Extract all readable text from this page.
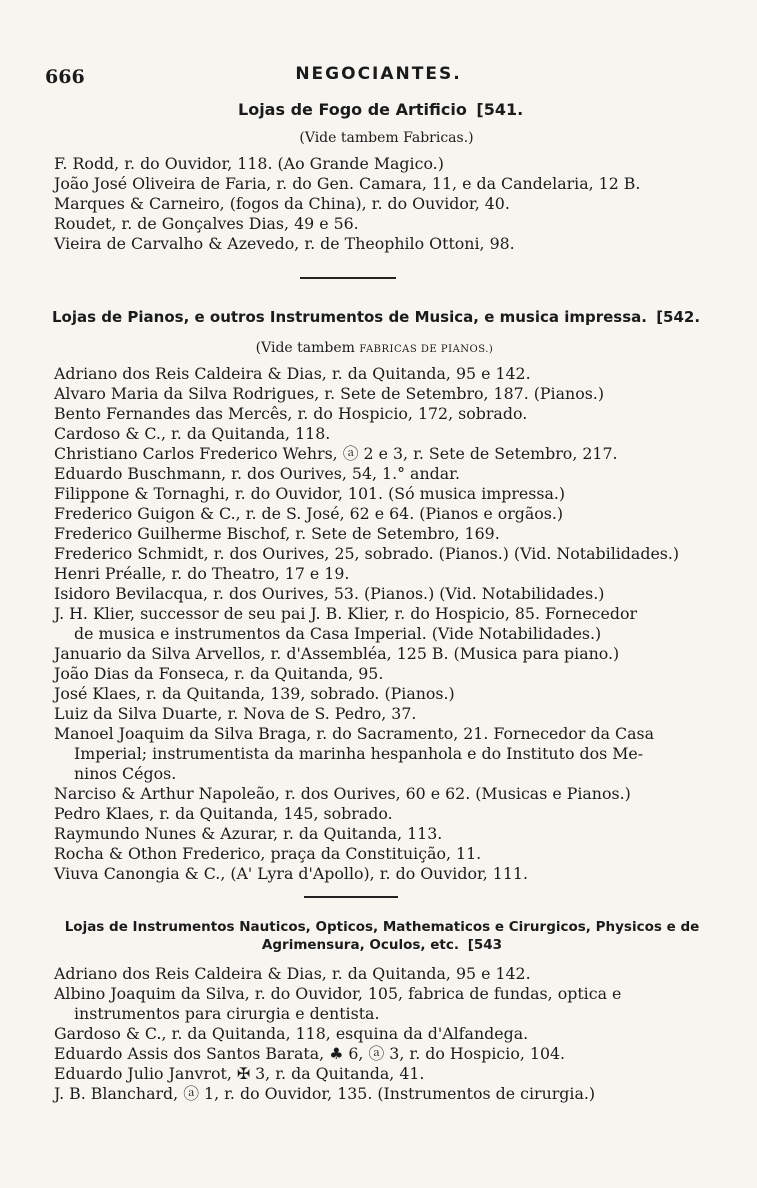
666	NEGOCIANTES.
Lojas de Fogo de Artificio [541.
(Vide tambem Fabricas.)
F. Rodd, r. do Ouvidor, 118. (Ao Grande Magico.)
João José Oliveira de Faria, r. do Gen. Camara, 11, e da Candelaria, 12 B.
Marques & Carneiro, (fogos da China), r. do Ouvidor, 40.
Roudet, r. de Gonçalves Dias, 49 e 56.
Vieira de Carvalho & Azevedo, r. de Theophilo Ottoni, 98.
Lojas de Pianos, e outros Instrumentos de Musica, e musica impressa. [542.
(Vide tambem FABRICAS DE PIANOS.)
Adriano dos Reis Caldeira & Dias, r. da Quitanda, 95 e 142.
Alvaro Maria da Silva Rodrigues, r. Sete de Setembro, 187. (Pianos.)
Bento Fernandes das Mercês, r. do Hospicio, 172, sobrado.
Cardoso & C., r. da Quitanda, 118.
Christiano Carlos Frederico Wehrs, ⓐ 2 e 3, r. Sete de Setembro, 217.
Eduardo Buschmann, r. dos Ourives, 54, 1.° andar.
Filippone & Tornaghi, r. do Ouvidor, 101. (Só musica impressa.)
Frederico Guigon & C., r. de S. José, 62 e 64. (Pianos e orgãos.)
Frederico Guilherme Bischof, r. Sete de Setembro, 169.
Frederico Schmidt, r. dos Ourives, 25, sobrado. (Pianos.) (Vid. Notabilidades.)
Henri Préalle, r. do Theatro, 17 e 19.
Isidoro Bevilacqua, r. dos Ourives, 53. (Pianos.) (Vid. Notabilidades.)
J. H. Klier, successor de seu pai J. B. Klier, r. do Hospicio, 85. Fornecedor
de musica e instrumentos da Casa Imperial. (Vide Notabilidades.)
Januario da Silva Arvellos, r. d'Assembléa, 125 B. (Musica para piano.)
João Dias da Fonseca, r. da Quitanda, 95.
José Klaes, r. da Quitanda, 139, sobrado. (Pianos.)
Luiz da Silva Duarte, r. Nova de S. Pedro, 37.
Manoel Joaquim da Silva Braga, r. do Sacramento, 21. Fornecedor da Casa
Imperial; instrumentista da marinha hespanhola e do Instituto dos Me-
ninos Cégos.
Narciso & Arthur Napoleão, r. dos Ourives, 60 e 62. (Musicas e Pianos.)
Pedro Klaes, r. da Quitanda, 145, sobrado.
Raymundo Nunes & Azurar, r. da Quitanda, 113.
Rocha & Othon Frederico, praça da Constituição, 11.
Viuva Canongia & C., (A' Lyra d'Apollo), r. do Ouvidor, 111.
Lojas de Instrumentos Nauticos, Opticos, Mathematicos e Cirurgicos, Physicos e de
Agrimensura, Oculos, etc. [543
Adriano dos Reis Caldeira & Dias, r. da Quitanda, 95 e 142.
Albino Joaquim da Silva, r. do Ouvidor, 105, fabrica de fundas, optica e
instrumentos para cirurgia e dentista.
Gardoso & C., r. da Quitanda, 118, esquina da d'Alfandega.
Eduardo Assis dos Santos Barata, ♣ 6, ⓐ 3, r. do Hospicio, 104.
Eduardo Julio Janvrot, ✠ 3, r. da Quitanda, 41.
J. B. Blanchard, ⓐ 1, r. do Ouvidor, 135. (Instrumentos de cirurgia.)
